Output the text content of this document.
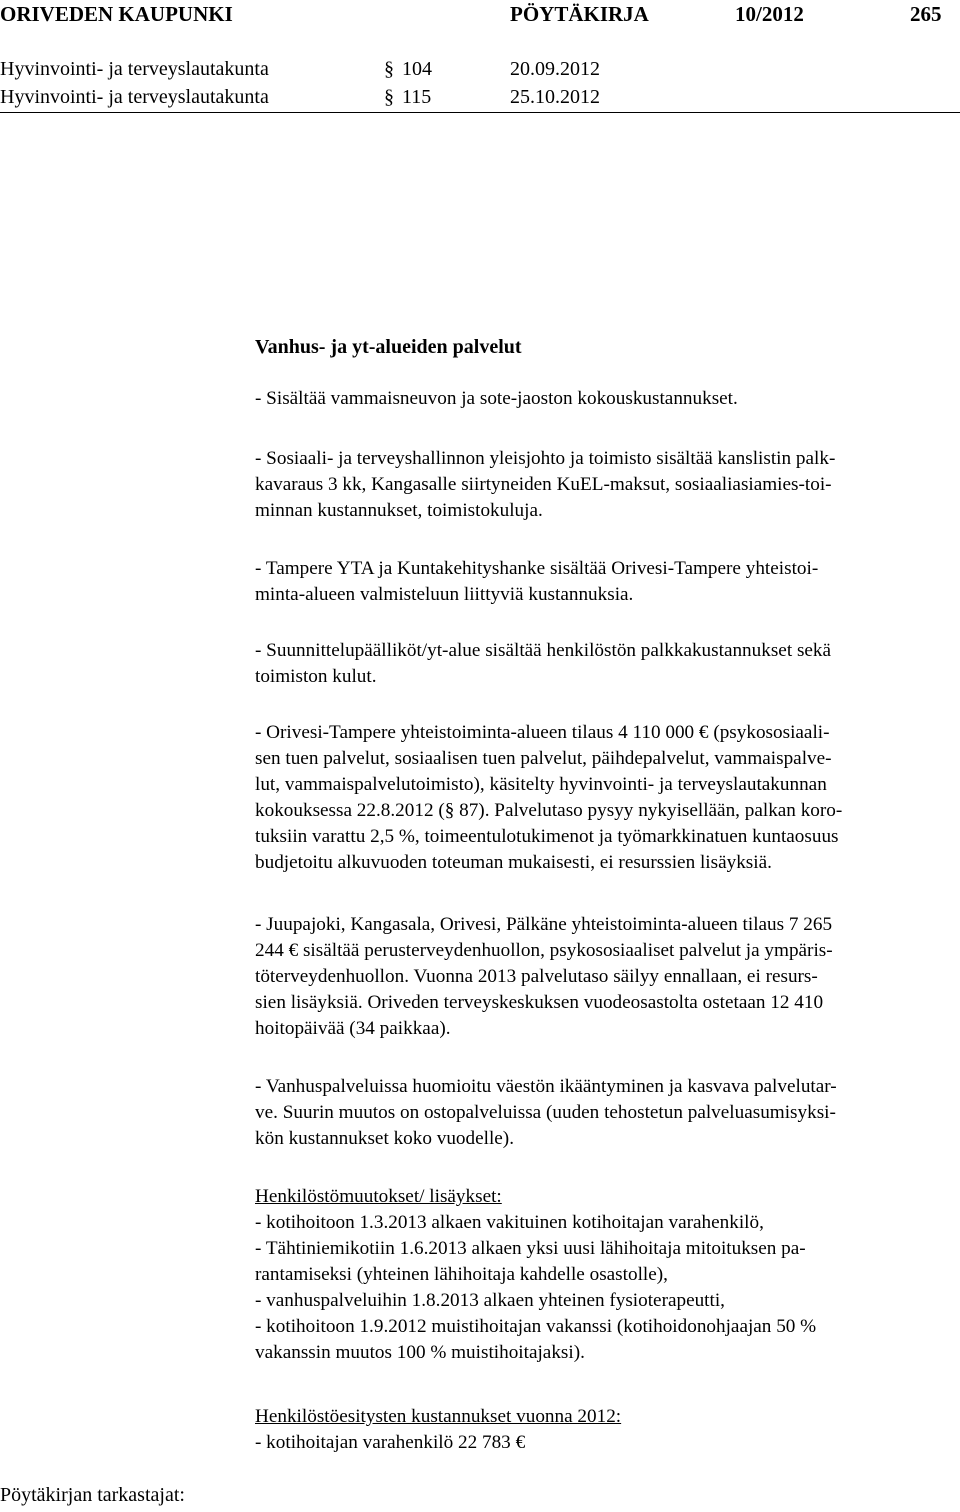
ORIVEDEN KAUPUNKI	PÖYTÄKIRJA	10/2012	265
Hyvinvointi- ja terveyslautakunta	§ 104	20.09.2012
Hyvinvointi- ja terveyslautakunta	§ 115	25.10.2012
Vanhus- ja yt-alueiden palvelut
- Sisältää vammaisneuvon ja sote-jaoston kokouskustannukset.
- Sosiaali- ja terveyshallinnon yleisjohto ja toimisto sisältää kanslistin palk-
kavaraus 3 kk, Kangasalle siirtyneiden KuEL-maksut, sosiaaliasiamies-toi-
minnan kustannukset, toimistokuluja.
- Tampere YTA ja Kuntakehityshanke sisältää Orivesi-Tampere yhteistoi-
minta-alueen valmisteluun liittyviä kustannuksia.
- Suunnittelupäälliköt/yt-alue sisältää henkilöstön palkkakustannukset sekä
toimiston kulut.
- Orivesi-Tampere yhteistoiminta-alueen tilaus 4 110 000 € (psykososiaali-
sen tuen palvelut, sosiaalisen tuen palvelut, päihdepalvelut, vammaispalve-
lut, vammaispalvelutoimisto), käsitelty hyvinvointi- ja terveyslautakunnan
kokouksessa 22.8.2012 (§ 87). Palvelutaso pysyy nykyisellään, palkan koro-
tuksiin varattu 2,5 %, toimeentulotukimenot ja työmarkkinatuen kuntaosuus
budjetoitu alkuvuoden toteuman mukaisesti, ei resurssien lisäyksiä.
- Juupajoki, Kangasala, Orivesi, Pälkäne yhteistoiminta-alueen tilaus 7 265
244 € sisältää perusterveydenhuollon, psykososiaaliset palvelut ja ympäris-
töterveydenhuollon. Vuonna 2013 palvelutaso säilyy ennallaan, ei resurs-
sien lisäyksiä. Oriveden terveyskeskuksen vuodeosastolta ostetaan 12 410
hoitopäivää (34 paikkaa).
- Vanhuspalveluissa huomioitu väestön ikääntyminen ja kasvava palvelutar-
ve. Suurin muutos on ostopalveluissa (uuden tehostetun palveluasumisyksi-
kön kustannukset koko vuodelle).
Henkilöstömuutokset/ lisäykset:
- kotihoitoon 1.3.2013 alkaen vakituinen kotihoitajan varahenkilö,
- Tähtiniemikotiin 1.6.2013 alkaen yksi uusi lähihoitaja mitoituksen pa-
rantamiseksi (yhteinen lähihoitaja kahdelle osastolle),
- vanhuspalveluihin 1.8.2013 alkaen yhteinen fysioterapeutti,
- kotihoitoon 1.9.2012 muistihoitajan vakanssi (kotihoidonohjaajan 50 %
vakanssin muutos 100 % muistihoitajaksi).
Henkilöstöesitysten kustannukset vuonna 2012:
- kotihoitajan varahenkilö 22 783 €
Pöytäkirjan tarkastajat:
